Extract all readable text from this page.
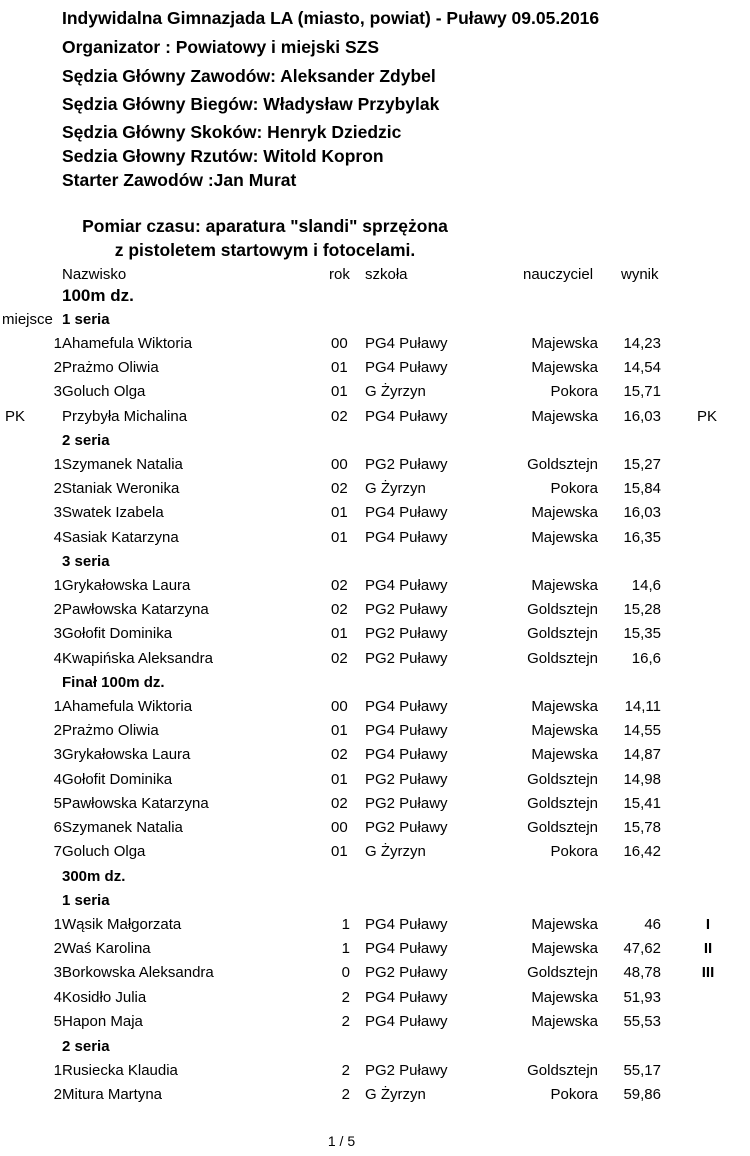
Indywidalna Gimnazjada LA (miasto, powiat) - Puławy 09.05.2016
Organizator : Powiatowy i miejski SZS
Sędzia Główny Zawodów: Aleksander Zdybel
Sędzia Główny Biegów: Władysław Przybylak
Sędzia Główny Skoków: Henryk Dziedzic
Sedzia Głowny Rzutów: Witold Kopron
Starter Zawodów :Jan Murat
Pomiar czasu: aparatura "slandi" sprzężona
z pistoletem startowym i fotocelami.
Nazwisko	rok szkoła	nauczyciel wynik
miejsce
100m dz.
1 seria
2 seria
3 seria
Finał 100m dz.
300m dz.
1 seria
2 seria
1 Ahamefula Wiktoria	00 PG4 Puławy	Majewska 14,23
2 Prażmo Oliwia	01 PG4 Puławy	Majewska 14,54
3 Goluch Olga	01 G Żyrzyn	Pokora 15,71
PK Przybyła Michalina	02 PG4 Puławy	Majewska 16,03 PK
1 Szymanek Natalia	00 PG2 Puławy	Goldsztejn 15,27
2 Staniak Weronika	02 G Żyrzyn	Pokora 15,84
3 Swatek Izabela	01 PG4 Puławy	Majewska 16,03
4 Sasiak Katarzyna	01 PG4 Puławy	Majewska 16,35
1 Grykałowska Laura	02 PG4 Puławy	Majewska 14,6
2 Pawłowska Katarzyna	02 PG2 Puławy	Goldsztejn 15,28
3 Gołofit Dominika	01 PG2 Puławy	Goldsztejn 15,35
4 Kwapińska Aleksandra	02 PG2 Puławy	Goldsztejn 16,6
1 Ahamefula Wiktoria	00 PG4 Puławy	Majewska 14,11
2 Prażmo Oliwia	01 PG4 Puławy	Majewska 14,55
3 Grykałowska Laura	02 PG4 Puławy	Majewska 14,87
4 Gołofit Dominika	01 PG2 Puławy	Goldsztejn 14,98
5 Pawłowska Katarzyna	02 PG2 Puławy	Goldsztejn 15,41
6 Szymanek Natalia	00 PG2 Puławy	Goldsztejn 15,78
7 Goluch Olga	01 G Żyrzyn	Pokora 16,42
1 Wąsik Małgorzata	1 PG4 Puławy	Majewska	46	I
2 Waś Karolina	1 PG4 Puławy	Majewska 47,62	II
3 Borkowska Aleksandra	0 PG2 Puławy	Goldsztejn 48,78	III
4 Kosidło Julia	2 PG4 Puławy	Majewska 51,93
5 Hapon Maja	2 PG4 Puławy	Majewska 55,53
1 Rusiecka Klaudia	2 PG2 Puławy	Goldsztejn 55,17
2 Mitura Martyna	2 G Żyrzyn	Pokora 59,86
1 / 5
